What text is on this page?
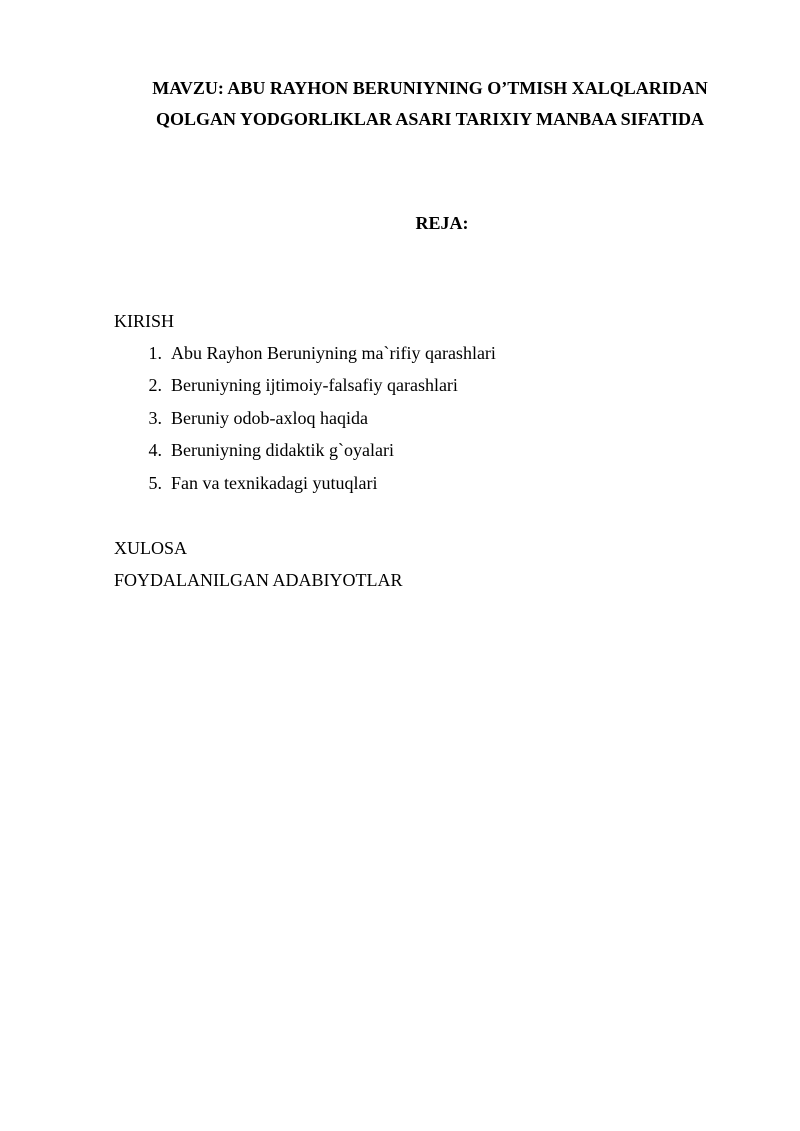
MAVZU: ABU RAYHON BERUNIYNING O’TMISH XALQLARIDAN
QOLGAN YODGORLIKLAR ASARI TARIXIY MANBAA SIFATIDA
REJA:
KIRISH
1. Abu Rayhon Beruniyning ma`rifiy qarashlari
2. Beruniyning ijtimoiy-falsafiy qarashlari
3. Beruniy odob-axloq haqida
4. Beruniyning didaktik g`oyalari
5. Fan va texnikadagi yutuqlari
XULOSA
FOYDALANILGAN ADABIYOTLAR
